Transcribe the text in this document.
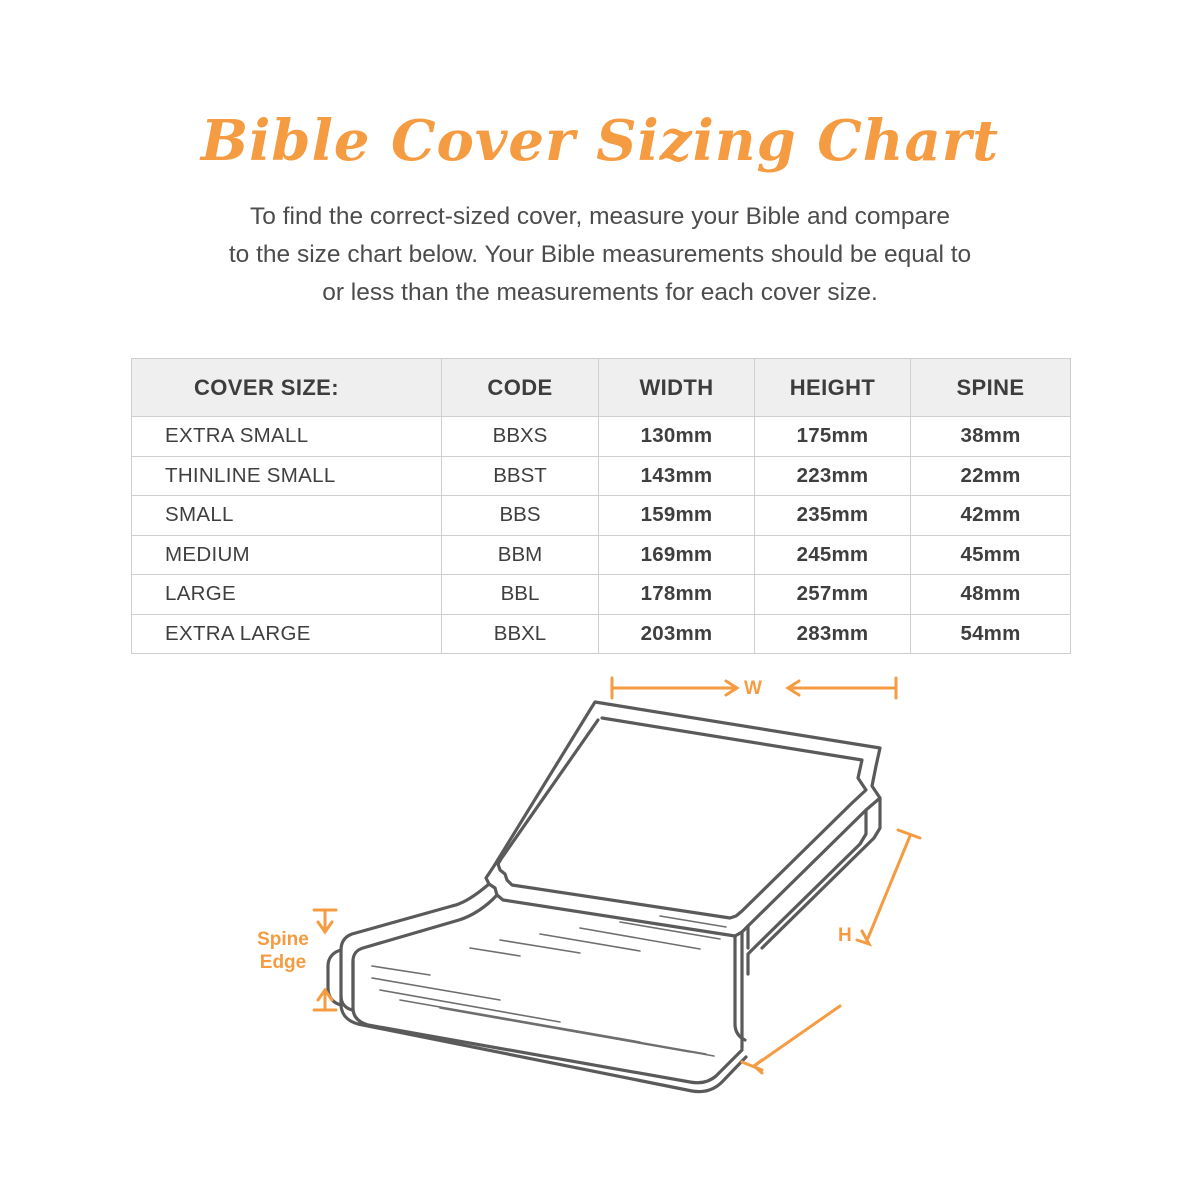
Bible Cover Sizing Chart
To find the correct-sized cover, measure your Bible and compare
to the size chart below. Your Bible measurements should be equal to
or less than the measurements for each cover size.
COVER SIZE:	CODE	WIDTH	HEIGHT	SPINE
EXTRA SMALL	BBXS	130mm	175mm	38mm
THINLINE SMALL	BBST	143mm	223mm	22mm
SMALL	BBS	159mm	235mm	42mm
MEDIUM	BBM	169mm	245mm	45mm
LARGE	BBL	178mm	257mm	48mm
EXTRA LARGE	BBXL	203mm	283mm	54mm
W
H
Spine
Edge
